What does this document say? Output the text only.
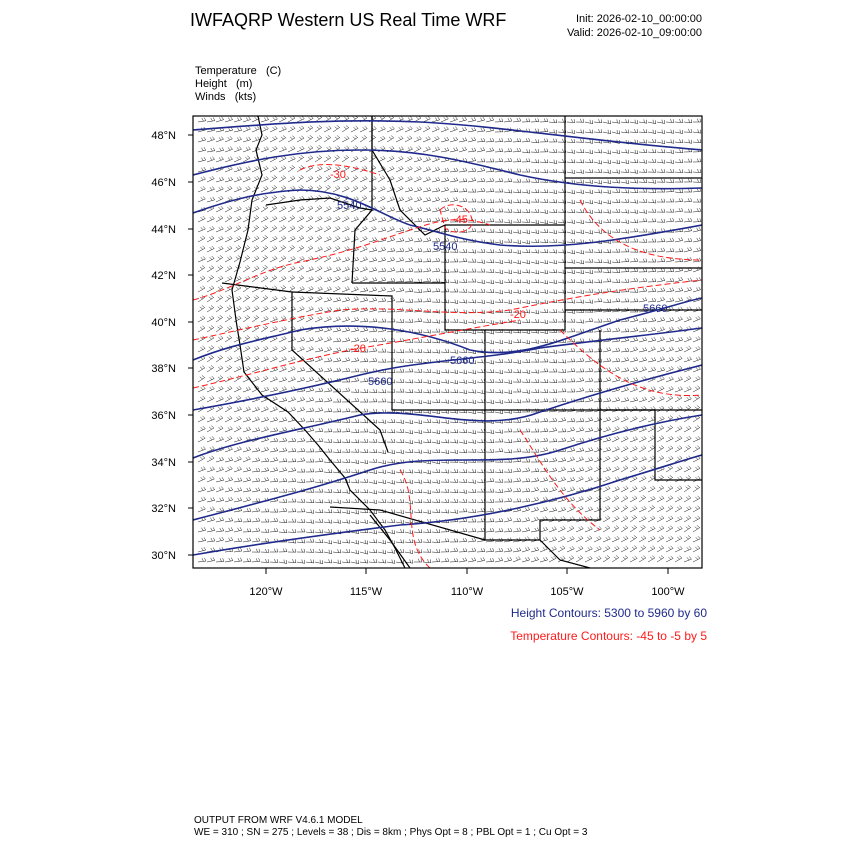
IWFAQRP Western US Real Time WRF	Init: 2026-02-10_00:00:00
Valid: 2026-02-10_09:00:00
Temperature (C)
Height (m)
Winds (kts)
5540
5540
5660
5660
5660
-30
-45
-20
-20
48°N
46°N
44°N
42°N
40°N
38°N
36°N
34°N
32°N
30°N
120°W	115°W	110°W	105°W	100°W
Height Contours: 5300 to 5960 by 60
Temperature Contours: -45 to -5 by 5
OUTPUT FROM WRF V4.6.1 MODEL
WE = 310 ; SN = 275 ; Levels = 38 ; Dis = 8km ; Phys Opt = 8 ; PBL Opt = 1 ; Cu Opt = 3
